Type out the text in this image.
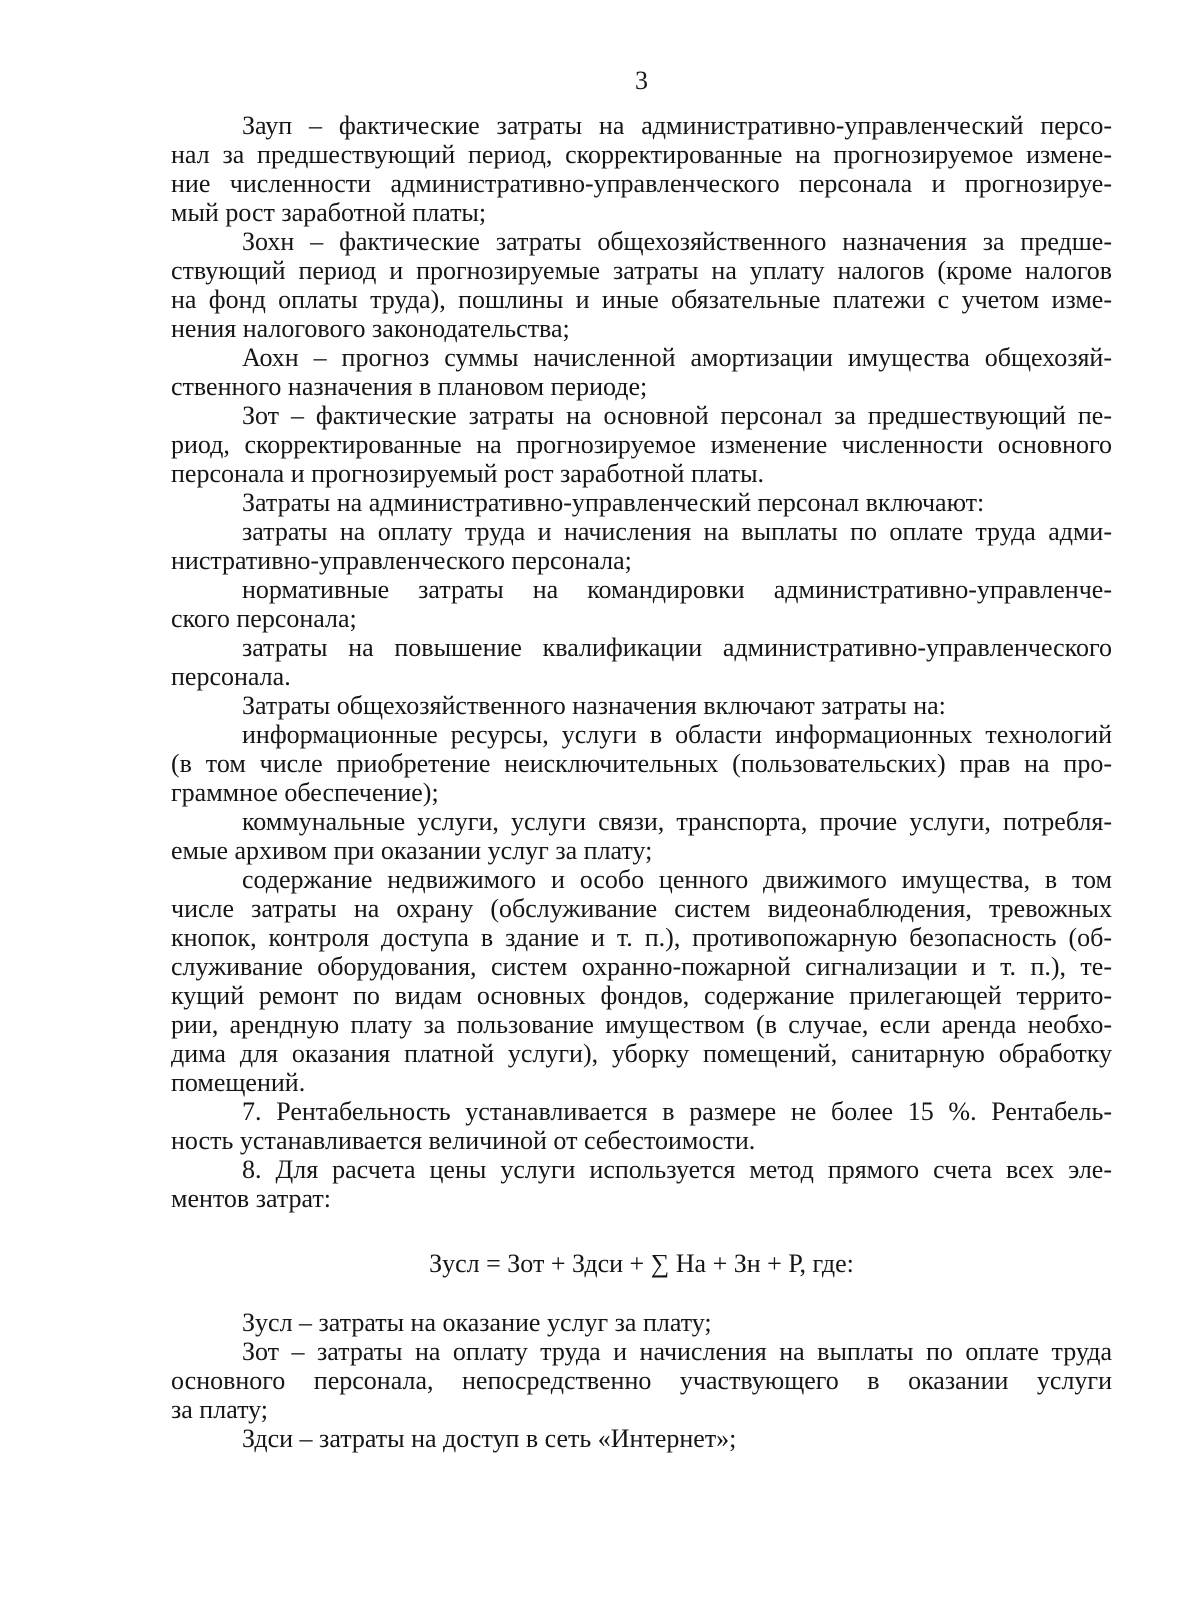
3
Зауп – фактические затраты на административно-управленческий персо-
нал за предшествующий период, скорректированные на прогнозируемое измене-
ние численности административно-управленческого персонала и прогнозируе-
мый рост заработной платы;
Зохн – фактические затраты общехозяйственного назначения за предше-
ствующий период и прогнозируемые затраты на уплату налогов (кроме налогов
на фонд оплаты труда), пошлины и иные обязательные платежи с учетом изме-
нения налогового законодательства;
Аохн – прогноз суммы начисленной амортизации имущества общехозяй-
ственного назначения в плановом периоде;
Зот – фактические затраты на основной персонал за предшествующий пе-
риод, скорректированные на прогнозируемое изменение численности основного
персонала и прогнозируемый рост заработной платы.
Затраты на административно-управленческий персонал включают:
затраты на оплату труда и начисления на выплаты по оплате труда адми-
нистративно-управленческого персонала;
нормативные затраты на командировки административно-управленче-
ского персонала;
затраты на повышение квалификации административно-управленческого
персонала.
Затраты общехозяйственного назначения включают затраты на:
информационные ресурсы, услуги в области информационных технологий
(в том числе приобретение неисключительных (пользовательских) прав на про-
граммное обеспечение);
коммунальные услуги, услуги связи, транспорта, прочие услуги, потребля-
емые архивом при оказании услуг за плату;
содержание недвижимого и особо ценного движимого имущества, в том
числе затраты на охрану (обслуживание систем видеонаблюдения, тревожных
кнопок, контроля доступа в здание и т. п.), противопожарную безопасность (об-
служивание оборудования, систем охранно-пожарной сигнализации и т. п.), те-
кущий ремонт по видам основных фондов, содержание прилегающей террито-
рии, арендную плату за пользование имуществом (в случае, если аренда необхо-
дима для оказания платной услуги), уборку помещений, санитарную обработку
помещений.
7. Рентабельность устанавливается в размере не более 15 %. Рентабель-
ность устанавливается величиной от себестоимости.
8. Для расчета цены услуги используется метод прямого счета всех эле-
ментов затрат:
Зусл = Зот + Здси + ∑ На + Зн + Р, где:
Зусл – затраты на оказание услуг за плату;
Зот – затраты на оплату труда и начисления на выплаты по оплате труда
основного персонала, непосредственно участвующего в оказании услуги
за плату;
Здси – затраты на доступ в сеть «Интернет»;
